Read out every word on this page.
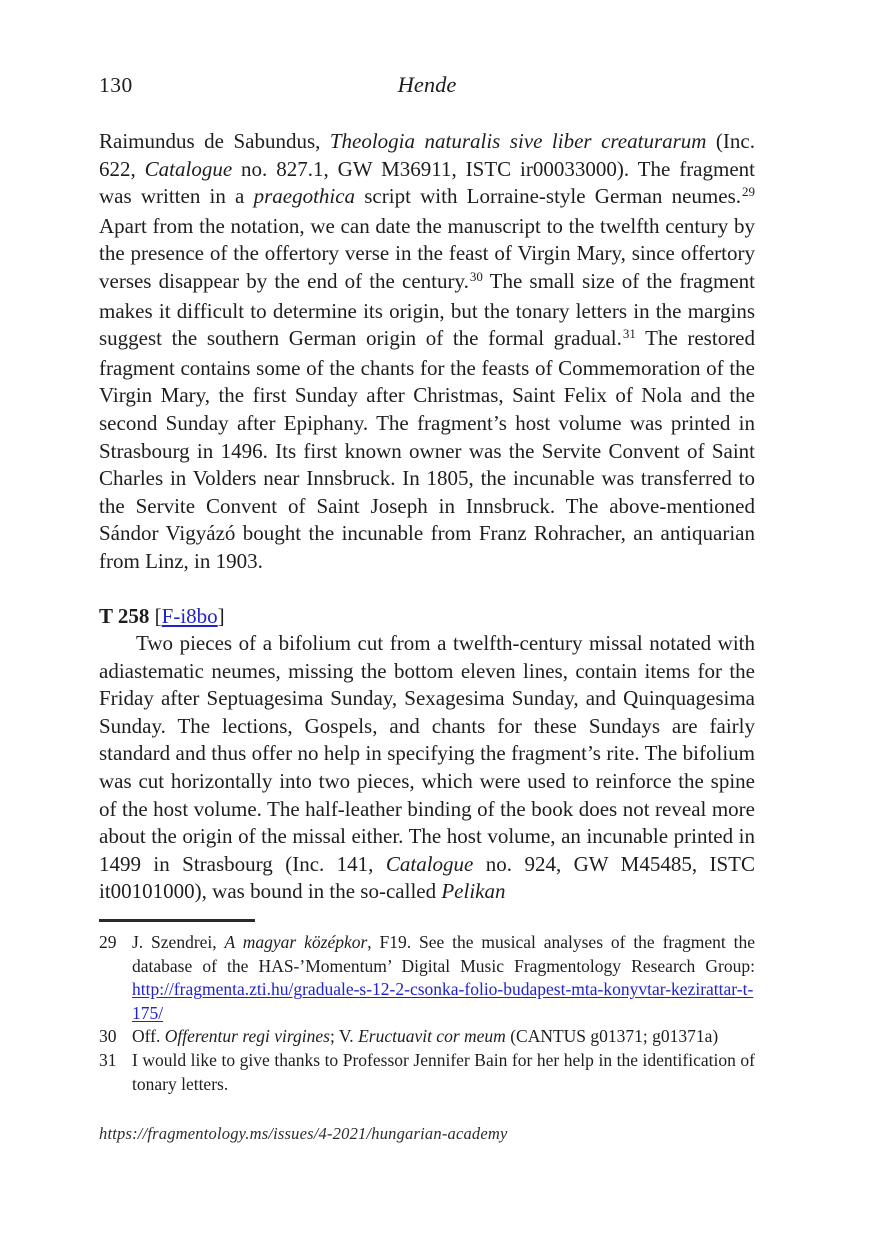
130	Hende

Raimundus de Sabundus, Theologia naturalis sive liber creaturarum (Inc. 622, Catalogue no. 827.1, GW M36911, ISTC ir00033000). The fragment was written in a praegothica script with Lorraine-style German neumes.$^{29}$ Apart from the notation, we can date the manuscript to the twelfth century by the presence of the offertory verse in the feast of Virgin Mary, since offertory verses disappear by the end of the century.$^{30}$ The small size of the fragment makes it difficult to determine its origin, but the tonary letters in the margins suggest the southern German origin of the formal gradual.$^{31}$ The restored fragment contains some of the chants for the feasts of Commemoration of the Virgin Mary, the first Sunday after Christmas, Saint Felix of Nola and the second Sunday after Epiphany. The fragment’s host volume was printed in Strasbourg in 1496. Its first known owner was the Servite Convent of Saint Charles in Volders near Innsbruck. In 1805, the incunable was transferred to the Servite Convent of Saint Joseph in Innsbruck. The above-mentioned Sándor Vigyázó bought the incunable from Franz Rohracher, an antiquarian from Linz, in 1903.

T 258 [F-i8bo]

Two pieces of a bifolium cut from a twelfth-century missal notated with adiastematic neumes, missing the bottom eleven lines, contain items for the Friday after Septuagesima Sunday, Sexagesima Sunday, and Quinquagesima Sunday. The lections, Gospels, and chants for these Sundays are fairly standard and thus offer no help in specifying the fragment’s rite. The bifolium was cut horizontally into two pieces, which were used to reinforce the spine of the host volume. The half-leather binding of the book does not reveal more about the origin of the missal either. The host volume, an incunable printed in 1499 in Strasbourg (Inc. 141, Catalogue no. 924, GW M45485, ISTC it00101000), was bound in the so-called Pelikan

29 J. Szendrei, A magyar középkor, F19. See the musical analyses of the fragment the database of the HAS-’Momentum’ Digital Music Fragmentology Research Group: http://fragmenta.zti.hu/graduale-s-12-2-csonka-folio-budapest-mta-konyvtar-kezirattar-t-175/
30 Off. Offerentur regi virgines; V. Eructuavit cor meum (CANTUS g01371; g01371a)
31 I would like to give thanks to Professor Jennifer Bain for her help in the identification of tonary letters.
https://fragmentology.ms/issues/4-2021/hungarian-academy
